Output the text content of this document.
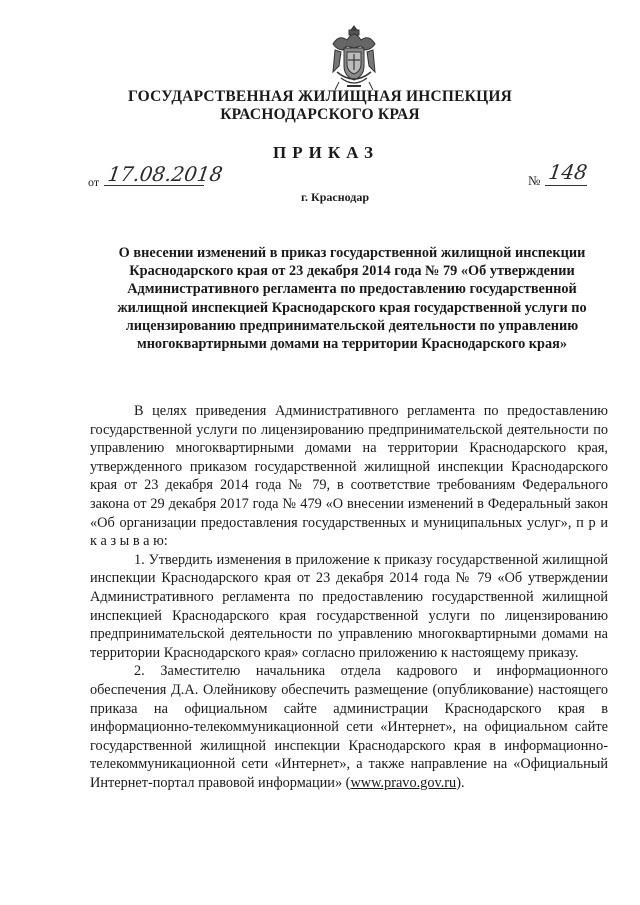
ГОСУДАРСТВЕННАЯ ЖИЛИЩНАЯ ИНСПЕКЦИЯ
КРАСНОДАРСКОГО КРАЯ
ПРИКАЗ
от 17.08.2018	№ 148
г. Краснодар
О внесении изменений в приказ государственной жилищной инспекции Краснодарского края от 23 декабря 2014 года № 79 «Об утверждении Административного регламента по предоставлению государственной жилищной инспекцией Краснодарского края государственной услуги по лицензированию предпринимательской деятельности по управлению многоквартирными домами на территории Краснодарского края»

В целях приведения Административного регламента по предоставлению государственной услуги по лицензированию предпринимательской деятельности по управлению многоквартирными домами на территории Краснодарского края, утвержденного приказом государственной жилищной инспекции Краснодарского края от 23 декабря 2014 года № 79, в соответствие требованиям Федерального закона от 29 декабря 2017 года № 479 «О внесении изменений в Федеральный закон «Об организации предоставления государственных и муниципальных услуг», п р и к а з ы в а ю:

1. Утвердить изменения в приложение к приказу государственной жилищной инспекции Краснодарского края от 23 декабря 2014 года № 79 «Об утверждении Административного регламента по предоставлению государственной жилищной инспекцией Краснодарского края государственной услуги по лицензированию предпринимательской деятельности по управлению многоквартирными домами на территории Краснодарского края» согласно приложению к настоящему приказу.

2. Заместителю начальника отдела кадрового и информационного обеспечения Д.А. Олейникову обеспечить размещение (опубликование) настоящего приказа на официальном сайте администрации Краснодарского края в информационно-телекоммуникационной сети «Интернет», на официальном сайте государственной жилищной инспекции Краснодарского края в информационно-телекоммуникационной сети «Интернет», а также направление на «Официальный Интернет-портал правовой информации» (www.pravo.gov.ru).
